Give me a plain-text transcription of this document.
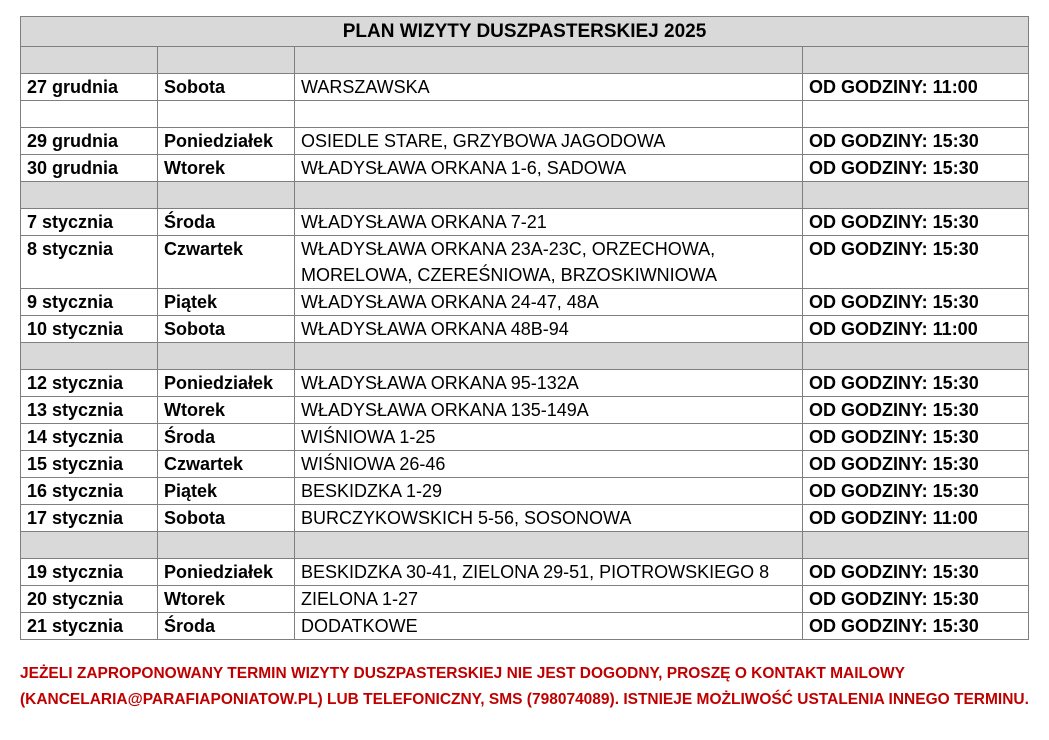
PLAN WIZYTY DUSZPASTERSKIEJ 2025			

27 grudnia	Sobota	WARSZAWSKA	OD GODZINY: 11:00

29 grudnia	Poniedziałek	OSIEDLE STARE, GRZYBOWA JAGODOWA	OD GODZINY: 15:30
30 grudnia	Wtorek	WŁADYSŁAWA ORKANA 1-6, SADOWA	OD GODZINY: 15:30

7 stycznia	Środa	WŁADYSŁAWA ORKANA 7-21	OD GODZINY: 15:30
8 stycznia	Czwartek	WŁADYSŁAWA ORKANA 23A-23C, ORZECHOWA, MORELOWA, CZEREŚNIOWA, BRZOSKIWNIOWA	OD GODZINY: 15:30
9 stycznia	Piątek	WŁADYSŁAWA ORKANA 24-47, 48A	OD GODZINY: 15:30
10 stycznia	Sobota	WŁADYSŁAWA ORKANA 48B-94	OD GODZINY: 11:00

12 stycznia	Poniedziałek	WŁADYSŁAWA ORKANA 95-132A	OD GODZINY: 15:30
13 stycznia	Wtorek	WŁADYSŁAWA ORKANA 135-149A	OD GODZINY: 15:30
14 stycznia	Środa	WIŚNIOWA 1-25	OD GODZINY: 15:30
15 stycznia	Czwartek	WIŚNIOWA 26-46	OD GODZINY: 15:30
16 stycznia	Piątek	BESKIDZKA 1-29	OD GODZINY: 15:30
17 stycznia	Sobota	BURCZYKOWSKICH 5-56, SOSONOWA	OD GODZINY: 11:00

19 stycznia	Poniedziałek	BESKIDZKA 30-41, ZIELONA 29-51, PIOTROWSKIEGO 8	OD GODZINY: 15:30
20 stycznia	Wtorek	ZIELONA 1-27	OD GODZINY: 15:30
21 stycznia	Środa	DODATKOWE	OD GODZINY: 15:30
JEŻELI ZAPROPONOWANY TERMIN WIZYTY DUSZPASTERSKIEJ NIE JEST DOGODNY, PROSZĘ O KONTAKT MAILOWY
(KANCELARIA@PARAFIAPONIATOW.PL) LUB TELEFONICZNY, SMS (798074089). ISTNIEJE MOŻLIWOŚĆ USTALENIA INNEGO TERMINU.
